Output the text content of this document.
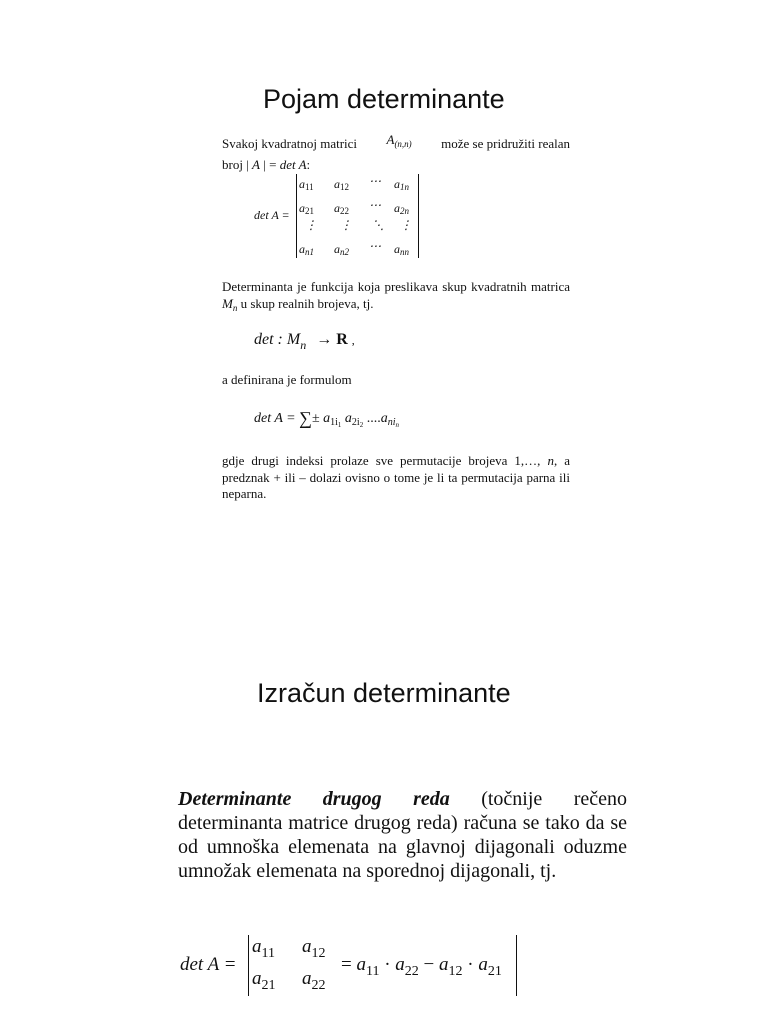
Pojam determinante
Svakoj kvadratnoj matrici $A_{(n,n)}$ može se pridružiti realan
broj | A | = det A:
det A =
$a_{11}$ $a_{12}$ ⋯ $a_{1n}$
$a_{21}$ $a_{22}$ ⋯ $a_{2n}$
⋮ ⋮ ⋱ ⋮
$a_{n1}$ $a_{n2}$ ⋯ $a_{nn}$
Determinanta je funkcija koja preslikava skup kvadratnih matrica $M_n$ u skup realnih brojeva, tj.
det : $M_n \to R$ ,
a definirana je formulom
det A = ∑± $a_{1i_1}$ $a_{2i_2}$ $....a_{ni_n}$
gdje drugi indeksi prolaze sve permutacije brojeva 1,…, n, a predznak + ili – dolazi ovisno o tome je li ta permutacija parna ili neparna.
Izračun determinante
Determinante drugog reda (točnije rečeno determinanta matrice drugog reda) računa se tako da se od umnoška elemenata na glavnoj dijagonali oduzme umnožak elemenata na sporednoj dijagonali, tj.
det A =
$a_{11}$ $a_{12}$
$a_{21}$ $a_{22}$
= $a_{11} \cdot a_{22} - a_{12} \cdot a_{21}$
